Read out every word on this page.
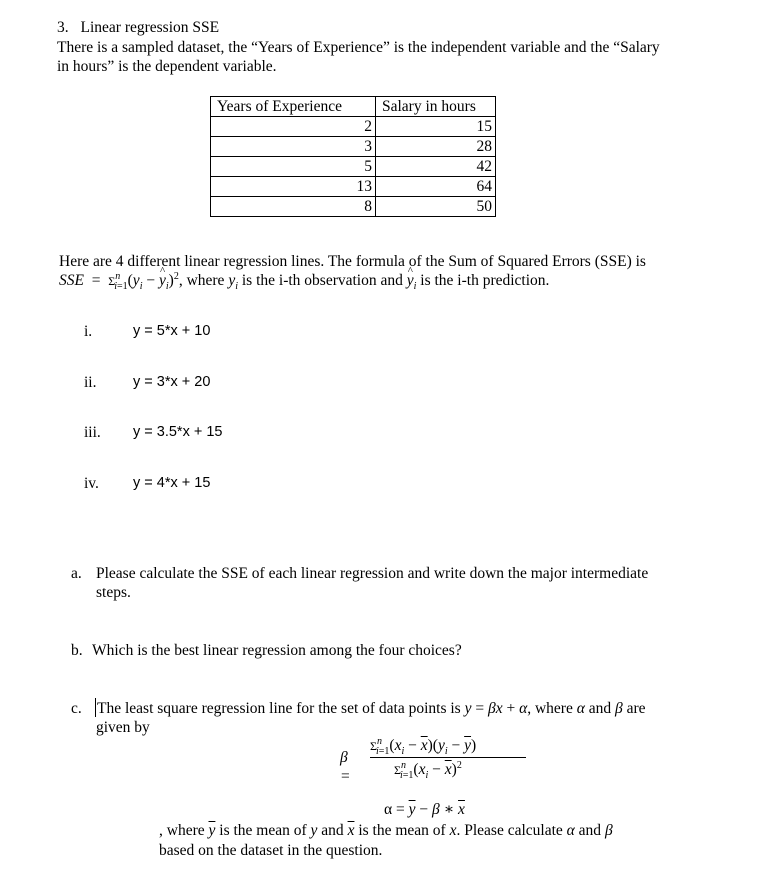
3. Linear regression SSE
There is a sampled dataset, the “Years of Experience” is the independent variable and the “Salary
in hours” is the dependent variable.
Years of Experience	Salary in hours
2	15
3	28
5	42
13	64
8	50
Here are 4 different linear regression lines. The formula of the Sum of Squared Errors (SSE) is
SSE  =  $\Sigma^n_{i=1}(y_i$ − ^ $y_i)^2$, where $y_i$ is the i-th observation and ^ $y_i$ is the i-th prediction.
i.	y = 5*x + 10
ii.	y = 3*x + 20
iii. y = 3.5*x + 15
iv. y = 4*x + 15
a. Please calculate the SSE of each linear regression and write down the major intermediate
steps.
b. Which is the best linear regression among the four choices?
c. The least square regression line for the set of data points is y = βx + α, where α and β are
given by
β =
$\Sigma^n_{i=1}(x_i - \overline{x})(y_i - \overline{y})$
$\Sigma^n_{i=1}(x_i - \overline{x})^2$
$\alpha = \overline{y} - \beta$ ∗ $\overline{x}$
, where $\overline{y}$ is the mean of y and $\overline{x}$ is the mean of x. Please calculate α and β
based on the dataset in the question.
